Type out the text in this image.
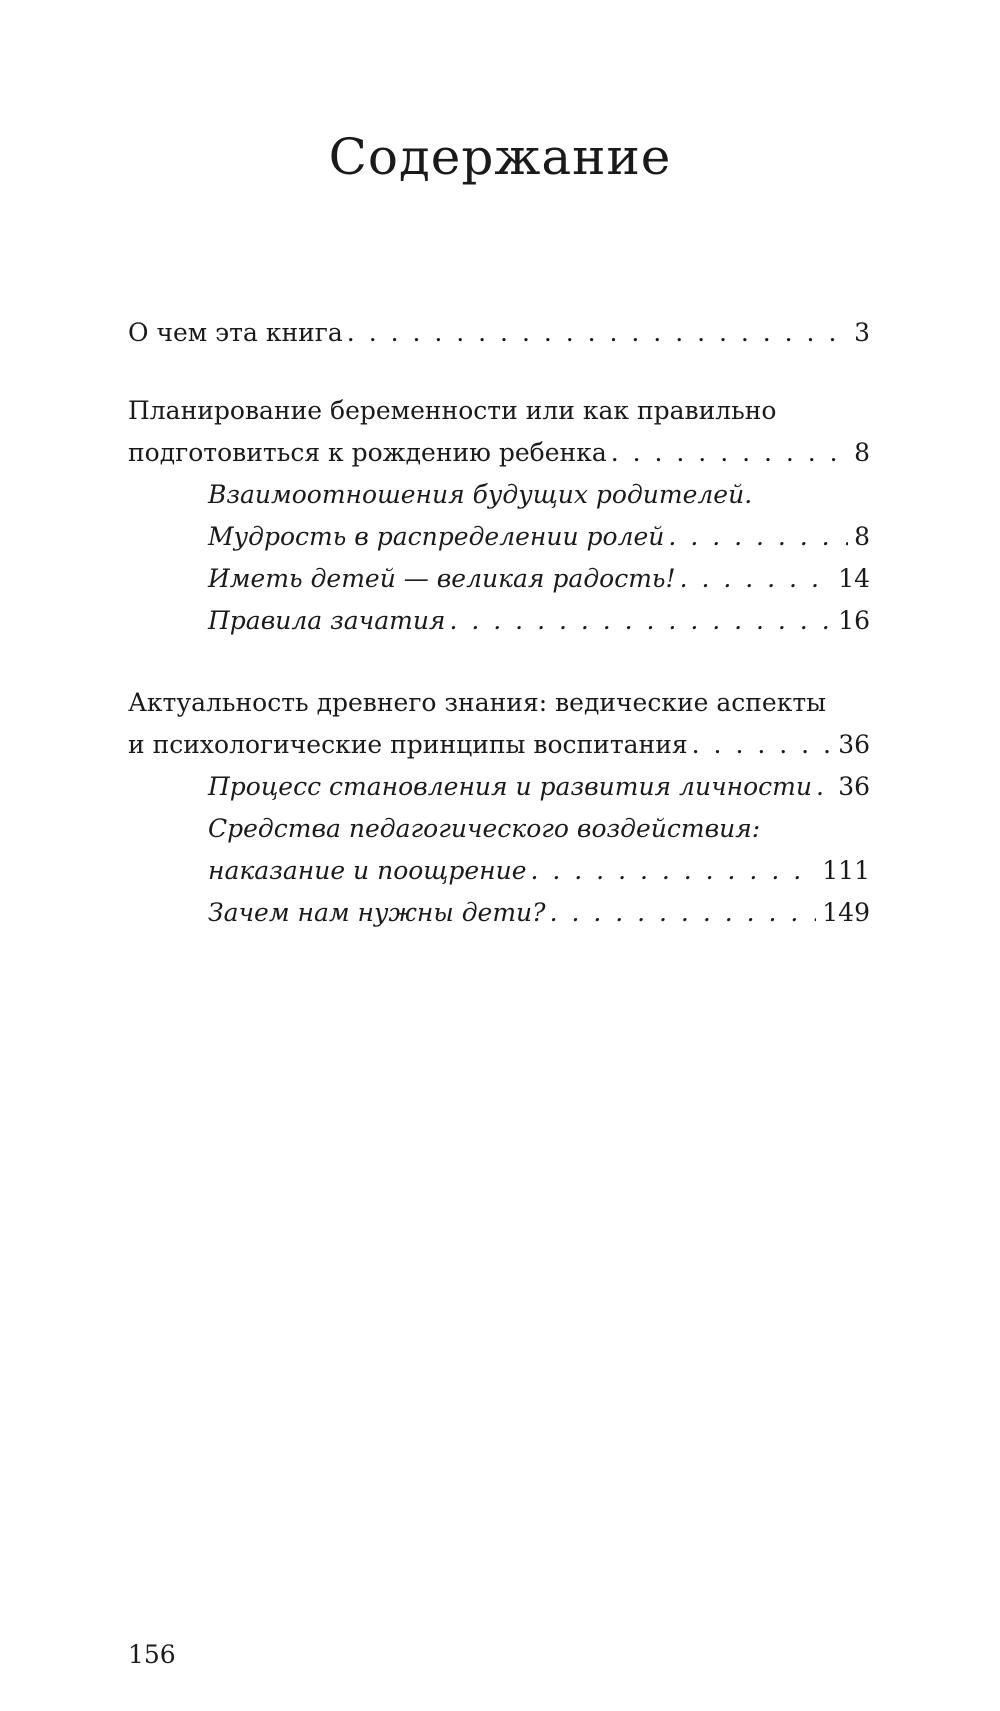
Содержание
О чем эта книга . . .	3
Планирование беременности или как правильно
подготовиться к рождению ребенка . . .	8
Взаимоотношения будущих родителей.
Мудрость в распределении ролей . . .	8
Иметь детей — великая радость! . . .	14
Правила зачатия . . .	16
Актуальность древнего знания: ведические аспекты
и психологические принципы воспитания . . .	36
Процесс становления и развития личности . . . 36
Средства педагогического воздействия:
наказание и поощрение . . .	111
Зачем нам нужны дети? . . .	149
156
